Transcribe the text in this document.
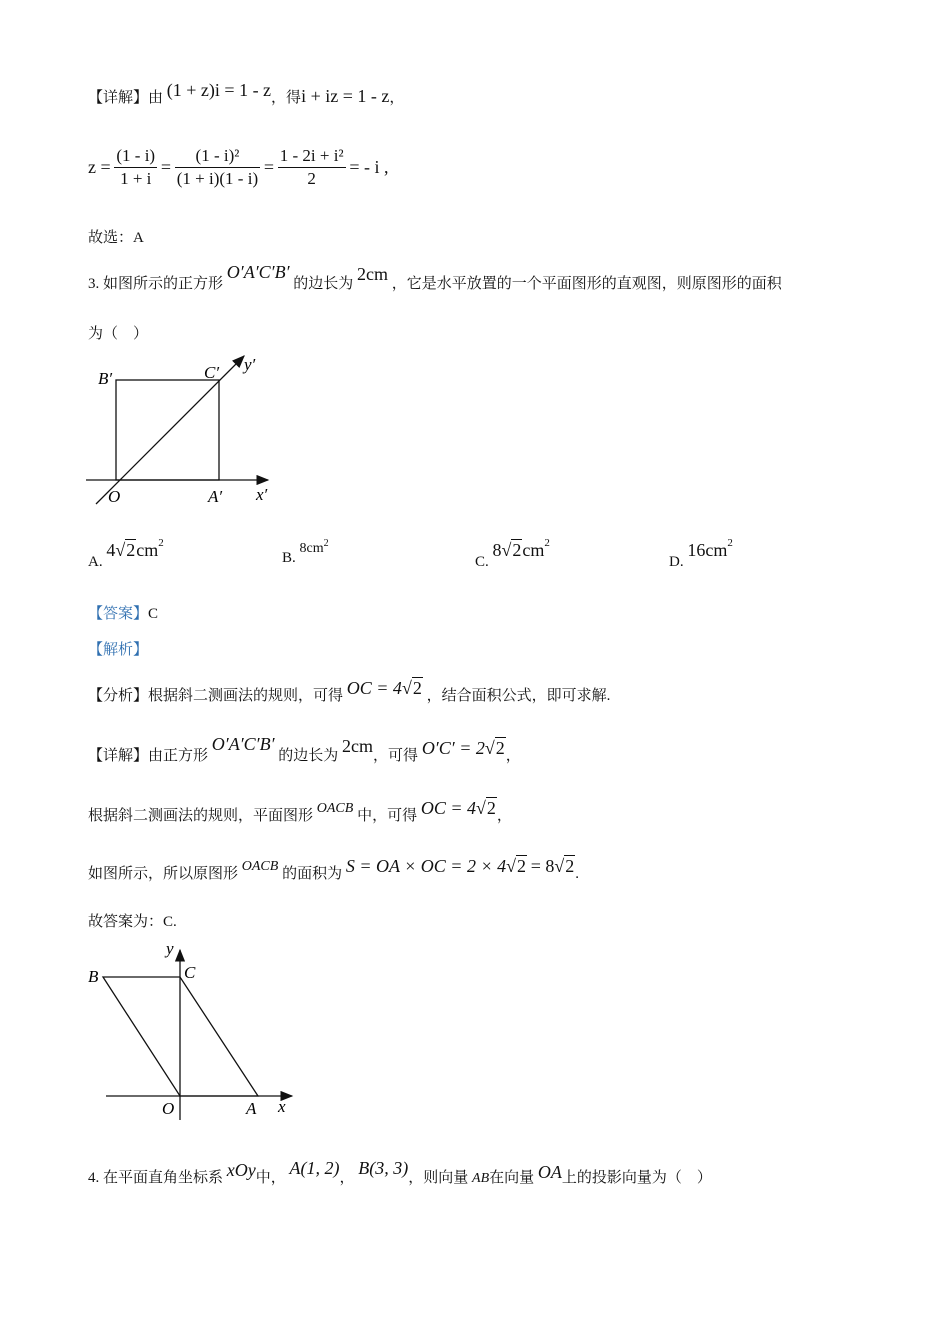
【详解】由 (1 + z)i = 1 - z，得i + iz = 1 - z，
$z = \frac{(1 - i)}{1 + i} = \frac{\text{(1 - i)²}}{(1 + i)(1 - i)} = \frac{\text{1 - 2i + i²}}{2}$ = - i ,
故选：A
3. 如图所示的正方形 O′A′C′B′ 的边长为 2cm ，它是水平放置的一个平面图形的直观图，则原图形的面积
为（　）
B′	C′ y′
O	A′ x′
A. $4√2cm^2$
B. $8cm^2$
C. $8√2cm^2$
D. $16cm^2$
【答案】C
【解析】
【分析】根据斜二测画法的规则，可得 OC = 4√2 ，结合面积公式，即可求解.
【详解】由正方形 O′A′C′B′ 的边长为 2cm，可得 O′C′ = 2√2，
根据斜二测画法的规则，平面图形 OACB 中，可得 OC = 4√2，
如图所示，所以原图形 OACB 的面积为 S = OA × OC = 2 × 4√2 = 8√2.
故答案为：C.
y
B	C
O	A x
4. 在平面直角坐标系 xOy中， A(1, 2)， B(3, 3)，则向量 AB在向量 OA上的投影向量为（　）
